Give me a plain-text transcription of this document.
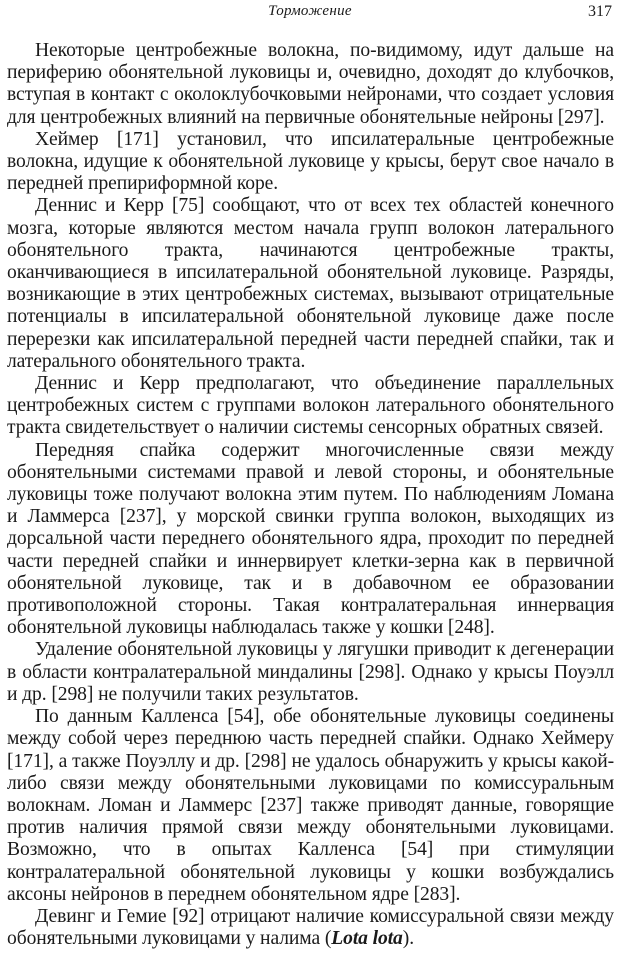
Торможение	317

Некоторые центробежные волокна, по-видимому, идут дальше на периферию обонятельной луковицы и, очевидно, доходят до клубочков, вступая в контакт с околоклубочковыми нейронами, что создает условия для центробежных влияний на первичные обонятельные нейроны [297].

Хеймер [171] установил, что ипсилатеральные центробежные волокна, идущие к обонятельной луковице у крысы, берут свое начало в передней препириформной коре.

Деннис и Керр [75] сообщают, что от всех тех областей конечного мозга, которые являются местом начала групп волокон латерального обонятельного тракта, начинаются центробежные тракты, оканчивающиеся в ипсилатеральной обонятельной луковице. Разряды, возникающие в этих центробежных системах, вызывают отрицательные потенциалы в ипсилатеральной обонятельной луковице даже после перерезки как ипсилатеральной передней части передней спайки, так и латерального обонятельного тракта.

Деннис и Керр предполагают, что объединение параллельных центробежных систем с группами волокон латерального обонятельного тракта свидетельствует о наличии системы сенсорных обратных связей.

Передняя спайка содержит многочисленные связи между обонятельными системами правой и левой стороны, и обонятельные луковицы тоже получают волокна этим путем. По наблюдениям Ломана и Ламмерса [237], у морской свинки группа волокон, выходящих из дорсальной части переднего обонятельного ядра, проходит по передней части передней спайки и иннервирует клетки-зерна как в первичной обонятельной луковице, так и в добавочном ее образовании противоположной стороны. Такая контралатеральная иннервация обонятельной луковицы наблюдалась также у кошки [248].

Удаление обонятельной луковицы у лягушки приводит к дегенерации в области контралатеральной миндалины [298]. Однако у крысы Поуэлл и др. [298] не получили таких результатов.

По данным Калленса [54], обе обонятельные луковицы соединены между собой через переднюю часть передней спайки. Однако Хеймеру [171], а также Поуэллу и др. [298] не удалось обнаружить у крысы какой-либо связи между обонятельными луковицами по комиссуральным волокнам. Ломан и Ламмерс [237] также приводят данные, говорящие против наличия прямой связи между обонятельными луковицами. Возможно, что в опытах Калленса [54] при стимуляции контралатеральной обонятельной луковицы у кошки возбуждались аксоны нейронов в переднем обонятельном ядре [283].

Девинг и Гемие [92] отрицают наличие комиссуральной связи между обонятельными луковицами у налима (Lota lota).
